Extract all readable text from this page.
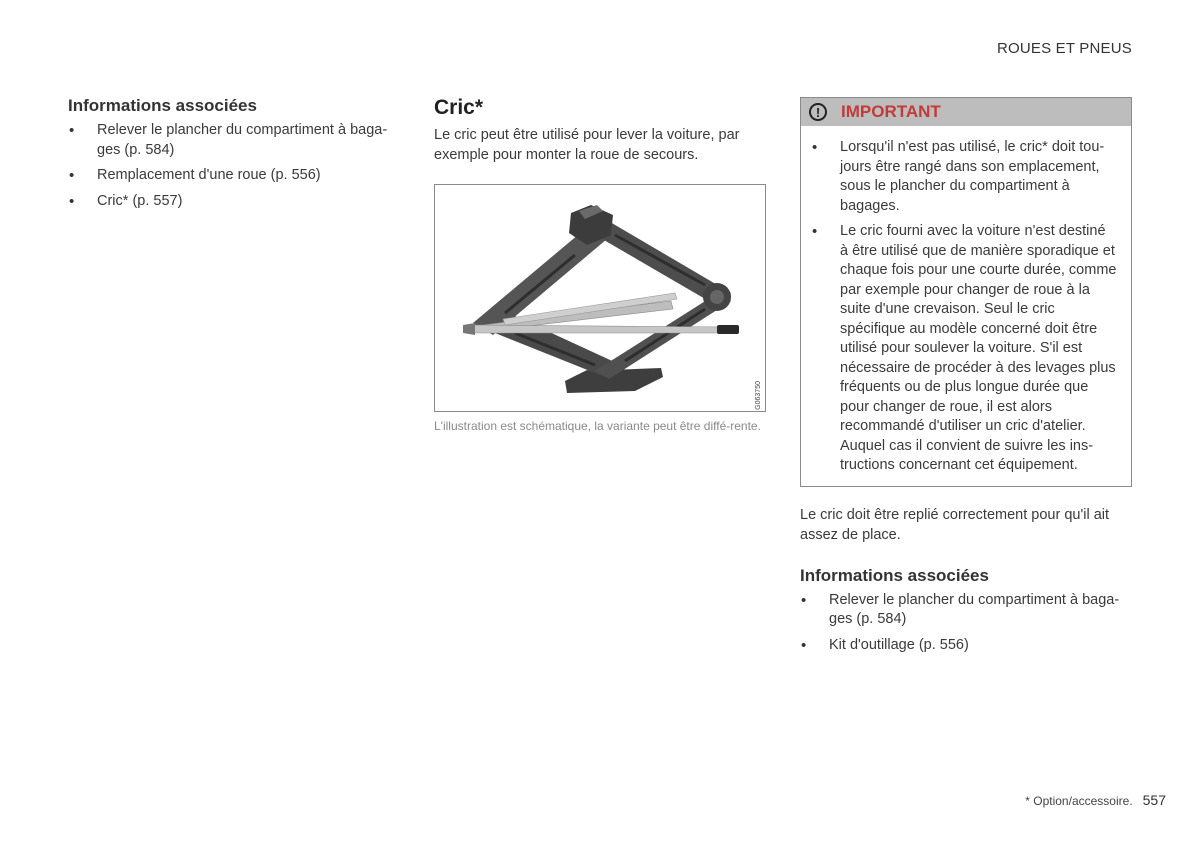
ROUES ET PNEUS
Informations associées
• Relever le plancher du compartiment à baga-ges (p. 584)
• Remplacement d'une roue (p. 556)
• Cric* (p. 557)
Cric*

Le cric peut être utilisé pour lever la voiture, par exemple pour monter la roue de secours.

G063750
L'illustration est schématique, la variante peut être diffé-rente.
!	IMPORTANT
• Lorsqu'il n'est pas utilisé, le cric* doit tou-jours être rangé dans son emplacement, sous le plancher du compartiment à bagages.
• Le cric fourni avec la voiture n'est destiné à être utilisé que de manière sporadique et chaque fois pour une courte durée, comme par exemple pour changer de roue à la suite d'une crevaison. Seul le cric spécifique au modèle concerné doit être utilisé pour soulever la voiture. S'il est nécessaire de procéder à des levages plus fréquents ou de plus longue durée que pour changer de roue, il est alors recommandé d'utiliser un cric d'atelier. Auquel cas il convient de suivre les ins-tructions concernant cet équipement.

Le cric doit être replié correctement pour qu'il ait assez de place.

Informations associées
• Relever le plancher du compartiment à baga-ges (p. 584)
• Kit d'outillage (p. 556)
* Option/accessoire. 557
